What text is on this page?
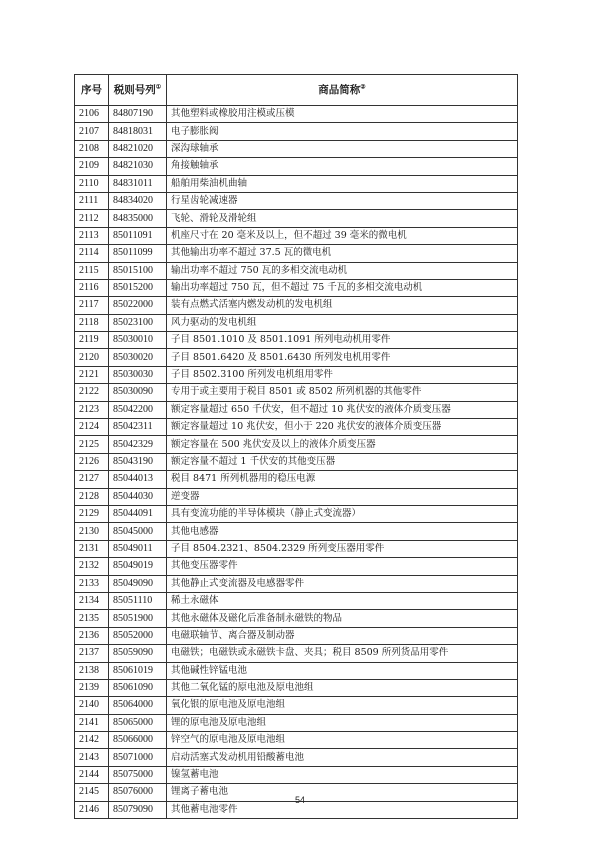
序号	税则号列①	商品简称②
2106	84807190	其他塑料或橡胶用注模或压模
2107	84818031	电子膨胀阀
2108	84821020	深沟球轴承
2109	84821030	角接触轴承
2110	84831011	船舶用柴油机曲轴
2111	84834020	行星齿轮减速器
2112	84835000	飞轮、滑轮及滑轮组
2113	85011091	机座尺寸在 20 毫米及以上，但不超过 39 毫米的微电机
2114	85011099	其他输出功率不超过 37.5 瓦的微电机
2115	85015100	输出功率不超过 750 瓦的多相交流电动机
2116	85015200	输出功率超过 750 瓦，但不超过 75 千瓦的多相交流电动机
2117	85022000	装有点燃式活塞内燃发动机的发电机组
2118	85023100	风力驱动的发电机组
2119	85030010	子目 8501.1010 及 8501.1091 所列电动机用零件
2120	85030020	子目 8501.6420 及 8501.6430 所列发电机用零件
2121	85030030	子目 8502.3100 所列发电机组用零件
2122	85030090	专用于或主要用于税目 8501 或 8502 所列机器的其他零件
2123	85042200	额定容量超过 650 千伏安，但不超过 10 兆伏安的液体介质变压器
2124	85042311	额定容量超过 10 兆伏安，但小于 220 兆伏安的液体介质变压器
2125	85042329	额定容量在 500 兆伏安及以上的液体介质变压器
2126	85043190	额定容量不超过 1 千伏安的其他变压器
2127	85044013	税目 8471 所列机器用的稳压电源
2128	85044030	逆变器
2129	85044091	具有变流功能的半导体模块（静止式变流器）
2130	85045000	其他电感器
2131	85049011	子目 8504.2321、8504.2329 所列变压器用零件
2132	85049019	其他变压器零件
2133	85049090	其他静止式变流器及电感器零件
2134	85051110	稀土永磁体
2135	85051900	其他永磁体及磁化后准备制永磁铁的物品
2136	85052000	电磁联轴节、离合器及制动器
2137	85059090	电磁铁；电磁铁或永磁铁卡盘、夹具；税目 8509 所列货品用零件
2138	85061019	其他碱性锌锰电池
2139	85061090	其他二氧化锰的原电池及原电池组
2140	85064000	氧化银的原电池及原电池组
2141	85065000	锂的原电池及原电池组
2142	85066000	锌空气的原电池及原电池组
2143	85071000	启动活塞式发动机用铅酸蓄电池
2144	85075000	镍氢蓄电池
2145	85076000	锂离子蓄电池
2146	85079090	其他蓄电池零件
54
